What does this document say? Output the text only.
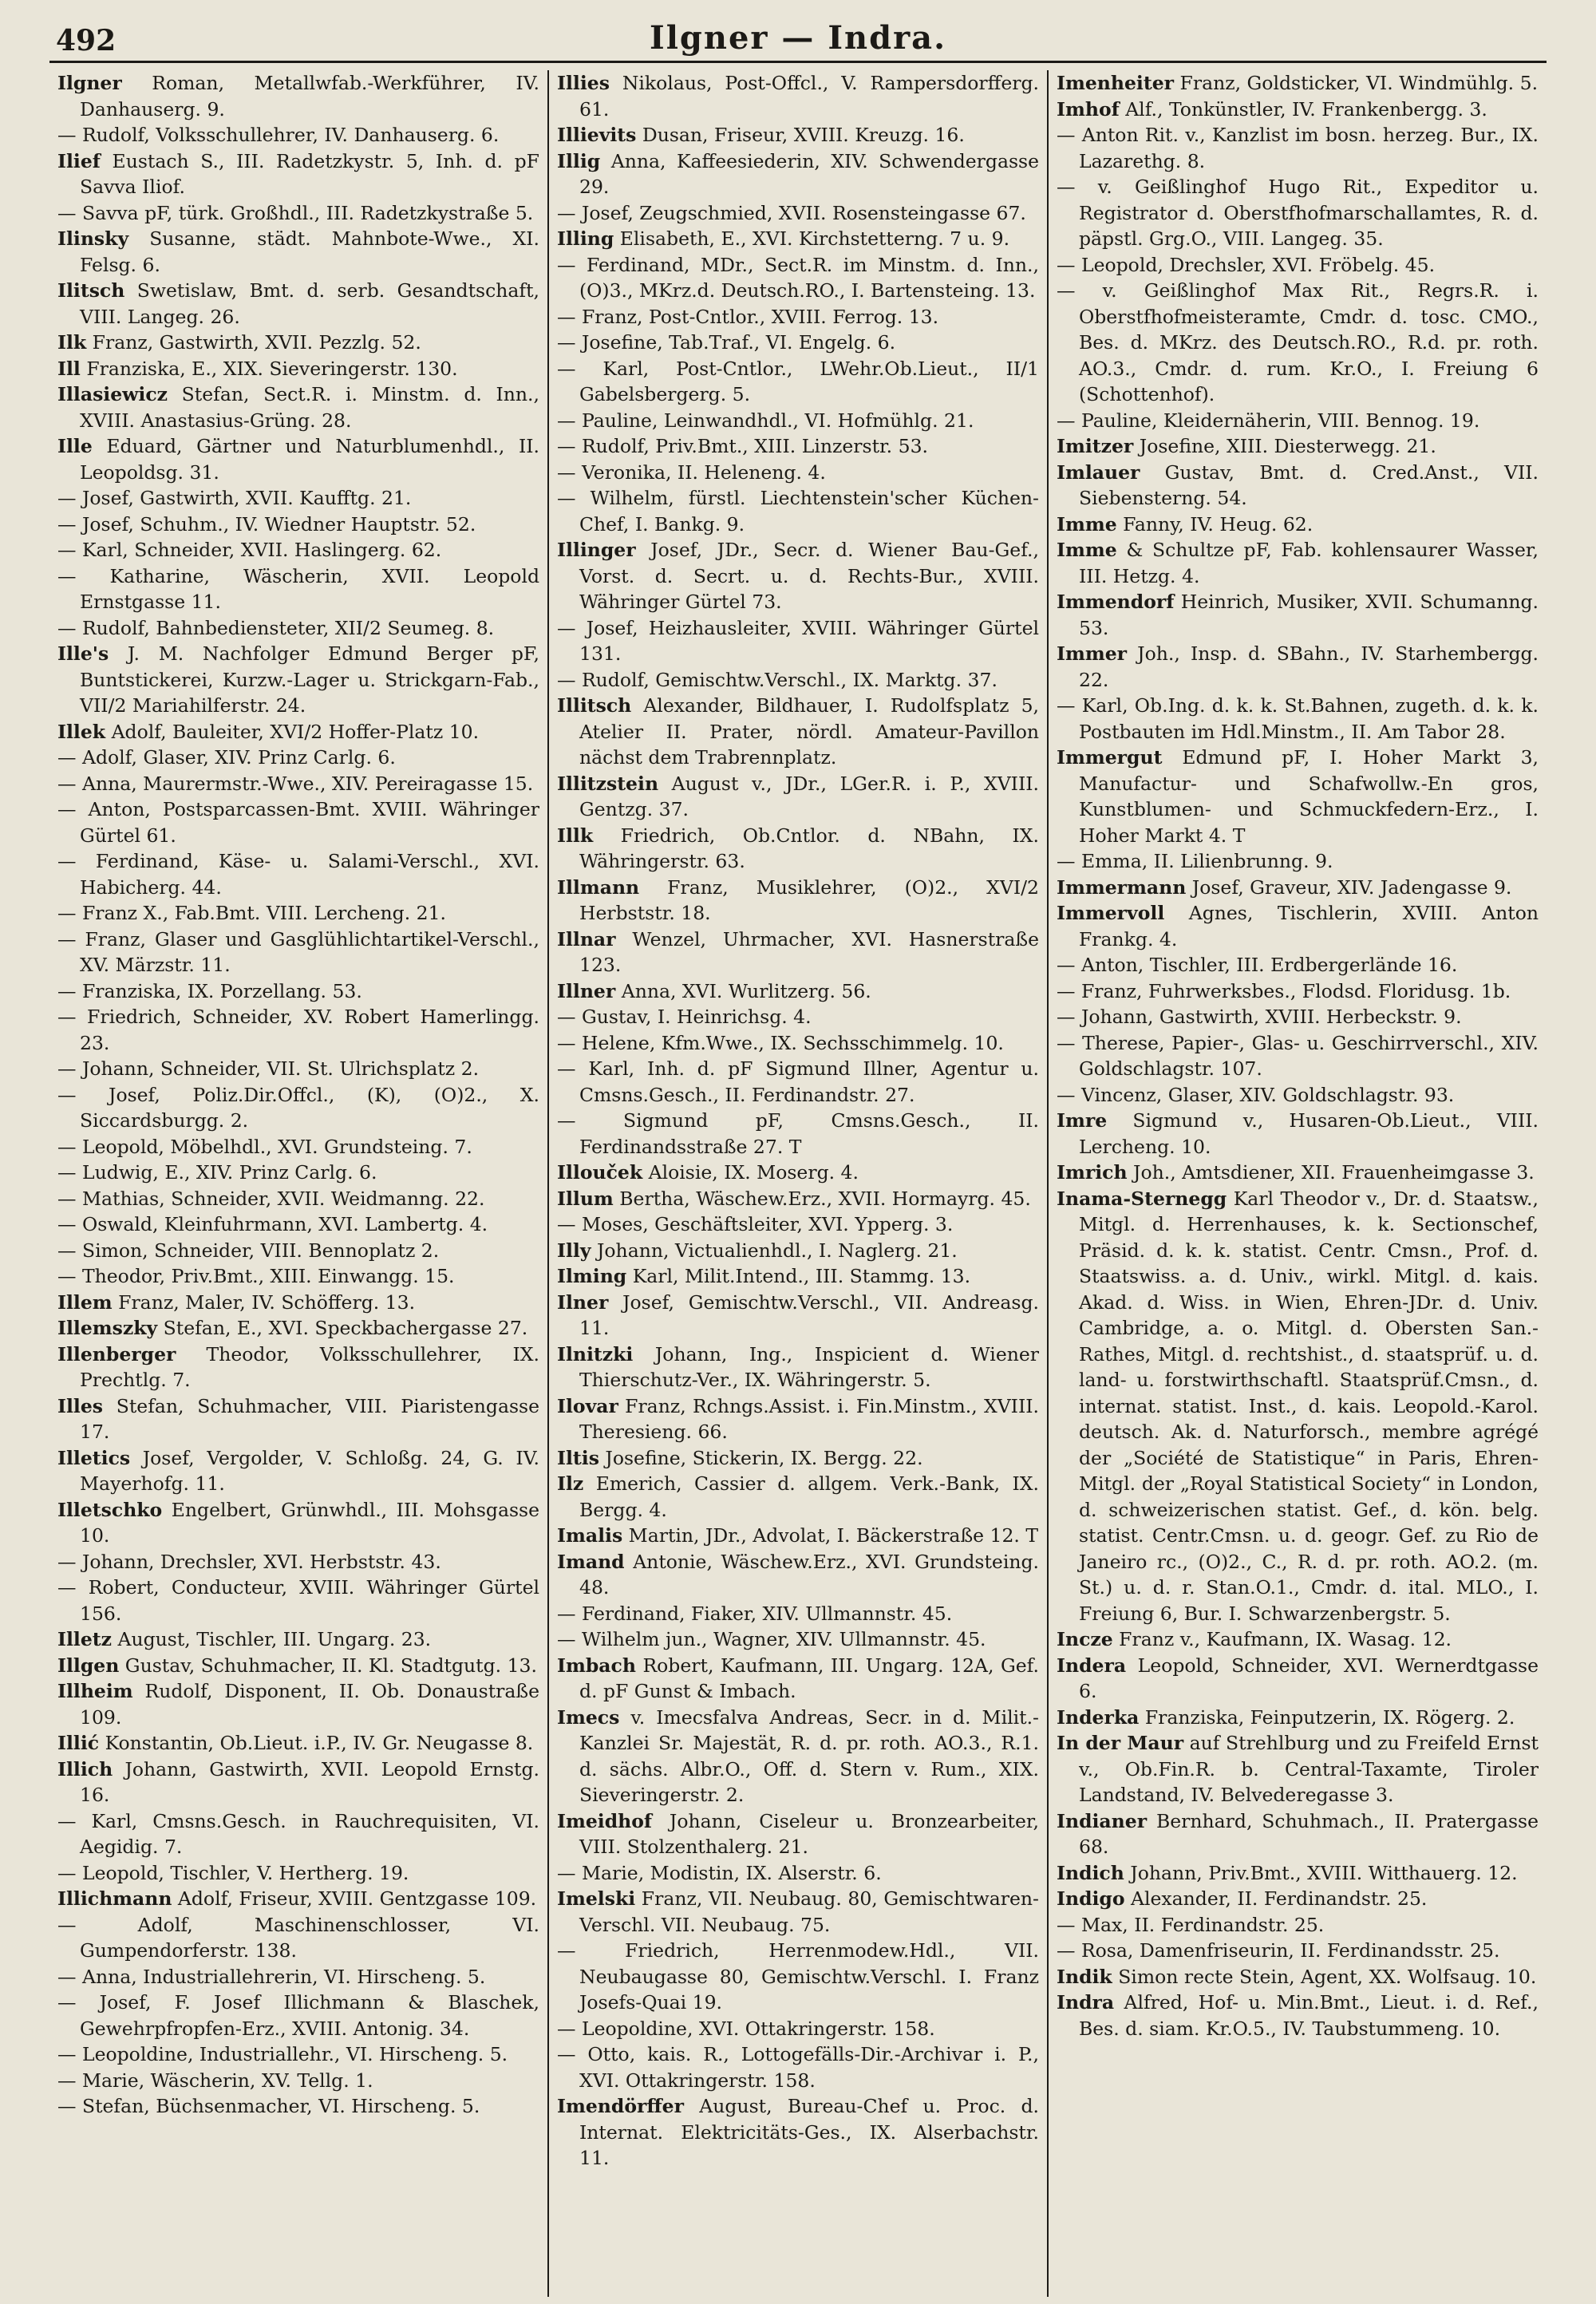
492	Ilgner — Indra.

Ilgner Roman, Metallwfab.-Werkführer, IV. Danhauserg. 9.

— Rudolf, Volksschullehrer, IV. Danhauserg. 6.

Ilief Eustach S., III. Radetzkystr. 5, Inh. d. pF Savva Iliof.

— Savva pF, türk. Großhdl., III. Radetzkystraße 5.

Ilinsky Susanne, städt. Mahnbote-Wwe., XI. Felsg. 6.

Ilitsch Swetislaw, Bmt. d. serb. Gesandtschaft, VIII. Langeg. 26.

Ilk Franz, Gastwirth, XVII. Pezzlg. 52.

Ill Franziska, E., XIX. Sieveringerstr. 130.

Illasiewicz Stefan, Sect.R. i. Minstm. d. Inn., XVIII. Anastasius-Grüng. 28.

Ille Eduard, Gärtner und Naturblumenhdl., II. Leopoldsg. 31.

— Josef, Gastwirth, XVII. Kaufftg. 21.

— Josef, Schuhm., IV. Wiedner Hauptstr. 52.

— Karl, Schneider, XVII. Haslingerg. 62.

— Katharine, Wäscherin, XVII. Leopold Ernstgasse 11.

— Rudolf, Bahnbediensteter, XII/2 Seumeg. 8.

Ille's J. M. Nachfolger Edmund Berger pF, Buntstickerei, Kurzw.-Lager u. Strickgarn-Fab., VII/2 Mariahilferstr. 24.

Illek Adolf, Bauleiter, XVI/2 Hoffer-Platz 10.

— Adolf, Glaser, XIV. Prinz Carlg. 6.

— Anna, Maurermstr.-Wwe., XIV. Pereiragasse 15.

— Anton, Postsparcassen-Bmt. XVIII. Währinger Gürtel 61.

— Ferdinand, Käse- u. Salami-Verschl., XVI. Habicherg. 44.

— Franz X., Fab.Bmt. VIII. Lercheng. 21.

— Franz, Glaser und Gasglühlichtartikel-Verschl., XV. Märzstr. 11.

— Franziska, IX. Porzellang. 53.

— Friedrich, Schneider, XV. Robert Hamerlingg. 23.

— Johann, Schneider, VII. St. Ulrichsplatz 2.

— Josef, Poliz.Dir.Offcl., (K), (O)2., X. Siccardsburgg. 2.

— Leopold, Möbelhdl., XVI. Grundsteing. 7.

— Ludwig, E., XIV. Prinz Carlg. 6.

— Mathias, Schneider, XVII. Weidmanng. 22.

— Oswald, Kleinfuhrmann, XVI. Lambertg. 4.

— Simon, Schneider, VIII. Bennoplatz 2.

— Theodor, Priv.Bmt., XIII. Einwangg. 15.

Illem Franz, Maler, IV. Schöfferg. 13.

Illemszky Stefan, E., XVI. Speckbachergasse 27.

Illenberger Theodor, Volksschullehrer, IX. Prechtlg. 7.

Illes Stefan, Schuhmacher, VIII. Piaristengasse 17.

Illetics Josef, Vergolder, V. Schloßg. 24, G. IV. Mayerhofg. 11.

Illetschko Engelbert, Grünwhdl., III. Mohsgasse 10.

— Johann, Drechsler, XVI. Herbststr. 43.

— Robert, Conducteur, XVIII. Währinger Gürtel 156.

Illetz August, Tischler, III. Ungarg. 23.

Illgen Gustav, Schuhmacher, II. Kl. Stadtgutg. 13.

Illheim Rudolf, Disponent, II. Ob. Donaustraße 109.

Illić Konstantin, Ob.Lieut. i.P., IV. Gr. Neugasse 8.

Illich Johann, Gastwirth, XVII. Leopold Ernstg. 16.

— Karl, Cmsns.Gesch. in Rauchrequisiten, VI. Aegidig. 7.

— Leopold, Tischler, V. Hertherg. 19.

Illichmann Adolf, Friseur, XVIII. Gentzgasse 109.

— Adolf, Maschinenschlosser, VI. Gumpendorferstr. 138.

— Anna, Industriallehrerin, VI. Hirscheng. 5.

— Josef, F. Josef Illichmann & Blaschek, Gewehrpfropfen-Erz., XVIII. Antonig. 34.

— Leopoldine, Industriallehr., VI. Hirscheng. 5.

— Marie, Wäscherin, XV. Tellg. 1.

— Stefan, Büchsenmacher, VI. Hirscheng. 5.

Illies Nikolaus, Post-Offcl., V. Rampersdorfferg. 61.

Illievits Dusan, Friseur, XVIII. Kreuzg. 16.

Illig Anna, Kaffeesiederin, XIV. Schwendergasse 29.

— Josef, Zeugschmied, XVII. Rosensteingasse 67.

Illing Elisabeth, E., XVI. Kirchstetterng. 7 u. 9.

— Ferdinand, MDr., Sect.R. im Minstm. d. Inn., (O)3., MKrz.d. Deutsch.RO., I. Bartensteing. 13.

— Franz, Post-Cntlor., XVIII. Ferrog. 13.

— Josefine, Tab.Traf., VI. Engelg. 6.

— Karl, Post-Cntlor., LWehr.Ob.Lieut., II/1 Gabelsbergerg. 5.

— Pauline, Leinwandhdl., VI. Hofmühlg. 21.

— Rudolf, Priv.Bmt., XIII. Linzerstr. 53.

— Veronika, II. Heleneng. 4.

— Wilhelm, fürstl. Liechtenstein'scher Küchen-Chef, I. Bankg. 9.

Illinger Josef, JDr., Secr. d. Wiener Bau-Gef., Vorst. d. Secrt. u. d. Rechts-Bur., XVIII. Währinger Gürtel 73.

— Josef, Heizhausleiter, XVIII. Währinger Gürtel 131.

— Rudolf, Gemischtw.Verschl., IX. Marktg. 37.

Illitsch Alexander, Bildhauer, I. Rudolfsplatz 5, Atelier II. Prater, nördl. Amateur-Pavillon nächst dem Trabrennplatz.

Illitzstein August v., JDr., LGer.R. i. P., XVIII. Gentzg. 37.

Illk Friedrich, Ob.Cntlor. d. NBahn, IX. Währingerstr. 63.

Illmann Franz, Musiklehrer, (O)2., XVI/2 Herbststr. 18.

Illnar Wenzel, Uhrmacher, XVI. Hasnerstraße 123.

Illner Anna, XVI. Wurlitzerg. 56.

— Gustav, I. Heinrichsg. 4.

— Helene, Kfm.Wwe., IX. Sechsschimmelg. 10.

— Karl, Inh. d. pF Sigmund Illner, Agentur u. Cmsns.Gesch., II. Ferdinandstr. 27.

— Sigmund pF, Cmsns.Gesch., II. Ferdinandsstraße 27. T

Illouček Aloisie, IX. Moserg. 4.

Illum Bertha, Wäschew.Erz., XVII. Hormayrg. 45.

— Moses, Geschäftsleiter, XVI. Ypperg. 3.

Illy Johann, Victualienhdl., I. Naglerg. 21.

Ilming Karl, Milit.Intend., III. Stammg. 13.

Ilner Josef, Gemischtw.Verschl., VII. Andreasg. 11.

Ilnitzki Johann, Ing., Inspicient d. Wiener Thierschutz-Ver., IX. Währingerstr. 5.

Ilovar Franz, Rchngs.Assist. i. Fin.Minstm., XVIII. Theresieng. 66.

Iltis Josefine, Stickerin, IX. Bergg. 22.

Ilz Emerich, Cassier d. allgem. Verk.-Bank, IX. Bergg. 4.

Imalis Martin, JDr., Advolat, I. Bäckerstraße 12. T

Imand Antonie, Wäschew.Erz., XVI. Grundsteing. 48.

— Ferdinand, Fiaker, XIV. Ullmannstr. 45.

— Wilhelm jun., Wagner, XIV. Ullmannstr. 45.

Imbach Robert, Kaufmann, III. Ungarg. 12A, Gef. d. pF Gunst & Imbach.

Imecs v. Imecsfalva Andreas, Secr. in d. Milit.-Kanzlei Sr. Majestät, R. d. pr. roth. AO.3., R.1. d. sächs. Albr.O., Off. d. Stern v. Rum., XIX. Sieveringerstr. 2.

Imeidhof Johann, Ciseleur u. Bronzearbeiter, VIII. Stolzenthalerg. 21.

— Marie, Modistin, IX. Alserstr. 6.

Imelski Franz, VII. Neubaug. 80, Gemischtwaren-Verschl. VII. Neubaug. 75.

— Friedrich, Herrenmodew.Hdl., VII. Neubaugasse 80, Gemischtw.Verschl. I. Franz Josefs-Quai 19.

— Leopoldine, XVI. Ottakringerstr. 158.

— Otto, kais. R., Lottogefälls-Dir.-Archivar i. P., XVI. Ottakringerstr. 158.

Imendörffer August, Bureau-Chef u. Proc. d. Internat. Elektricitäts-Ges., IX. Alserbachstr. 11.

Imenheiter Franz, Goldsticker, VI. Windmühlg. 5.

Imhof Alf., Tonkünstler, IV. Frankenbergg. 3.

— Anton Rit. v., Kanzlist im bosn. herzeg. Bur., IX. Lazarethg. 8.

— v. Geißlinghof Hugo Rit., Expeditor u. Registrator d. Oberstfhofmarschallamtes, R. d. päpstl. Grg.O., VIII. Langeg. 35.

— Leopold, Drechsler, XVI. Fröbelg. 45.

— v. Geißlinghof Max Rit., Regrs.R. i. Oberstfhofmeisteramte, Cmdr. d. tosc. CMO., Bes. d. MKrz. des Deutsch.RO., R.d. pr. roth. AO.3., Cmdr. d. rum. Kr.O., I. Freiung 6 (Schottenhof).

— Pauline, Kleidernäherin, VIII. Bennog. 19.

Imitzer Josefine, XIII. Diesterwegg. 21.

Imlauer Gustav, Bmt. d. Cred.Anst., VII. Siebensterng. 54.

Imme Fanny, IV. Heug. 62.

Imme & Schultze pF, Fab. kohlensaurer Wasser, III. Hetzg. 4.

Immendorf Heinrich, Musiker, XVII. Schumanng. 53.

Immer Joh., Insp. d. SBahn., IV. Starhembergg. 22.

— Karl, Ob.Ing. d. k. k. St.Bahnen, zugeth. d. k. k. Postbauten im Hdl.Minstm., II. Am Tabor 28.

Immergut Edmund pF, I. Hoher Markt 3, Manufactur- und Schafwollw.-En gros, Kunstblumen- und Schmuckfedern-Erz., I. Hoher Markt 4. T

— Emma, II. Lilienbrunng. 9.

Immermann Josef, Graveur, XIV. Jadengasse 9.

Immervoll Agnes, Tischlerin, XVIII. Anton Frankg. 4.

— Anton, Tischler, III. Erdbergerlände 16.

— Franz, Fuhrwerksbes., Flodsd. Floridusg. 1b.

— Johann, Gastwirth, XVIII. Herbeckstr. 9.

— Therese, Papier-, Glas- u. Geschirrverschl., XIV. Goldschlagstr. 107.

— Vincenz, Glaser, XIV. Goldschlagstr. 93.

Imre Sigmund v., Husaren-Ob.Lieut., VIII. Lercheng. 10.

Imrich Joh., Amtsdiener, XII. Frauenheimgasse 3.

Inama-Sternegg Karl Theodor v., Dr. d. Staatsw., Mitgl. d. Herrenhauses, k. k. Sectionschef, Präsid. d. k. k. statist. Centr. Cmsn., Prof. d. Staatswiss. a. d. Univ., wirkl. Mitgl. d. kais. Akad. d. Wiss. in Wien, Ehren-JDr. d. Univ. Cambridge, a. o. Mitgl. d. Obersten San.-Rathes, Mitgl. d. rechtshist., d. staatsprüf. u. d. land- u. forstwirthschaftl. Staatsprüf.Cmsn., d. internat. statist. Inst., d. kais. Leopold.-Karol. deutsch. Ak. d. Naturforsch., membre agrégé der „Société de Statistique“ in Paris, Ehren-Mitgl. der „Royal Statistical Society“ in London, d. schweizerischen statist. Gef., d. kön. belg. statist. Centr.Cmsn. u. d. geogr. Gef. zu Rio de Janeiro rc., (O)2., C., R. d. pr. roth. AO.2. (m. St.) u. d. r. Stan.O.1., Cmdr. d. ital. MLO., I. Freiung 6, Bur. I. Schwarzenbergstr. 5.

Incze Franz v., Kaufmann, IX. Wasag. 12.

Indera Leopold, Schneider, XVI. Wernerdtgasse 6.

Inderka Franziska, Feinputzerin, IX. Rögerg. 2.

In der Maur auf Strehlburg und zu Freifeld Ernst v., Ob.Fin.R. b. Central-Taxamte, Tiroler Landstand, IV. Belvederegasse 3.

Indianer Bernhard, Schuhmach., II. Pratergasse 68.

Indich Johann, Priv.Bmt., XVIII. Witthauerg. 12.

Indigo Alexander, II. Ferdinandstr. 25.

— Max, II. Ferdinandstr. 25.

— Rosa, Damenfriseurin, II. Ferdinandsstr. 25.

Indik Simon recte Stein, Agent, XX. Wolfsaug. 10.

Indra Alfred, Hof- u. Min.Bmt., Lieut. i. d. Ref., Bes. d. siam. Kr.O.5., IV. Taubstummeng. 10.
